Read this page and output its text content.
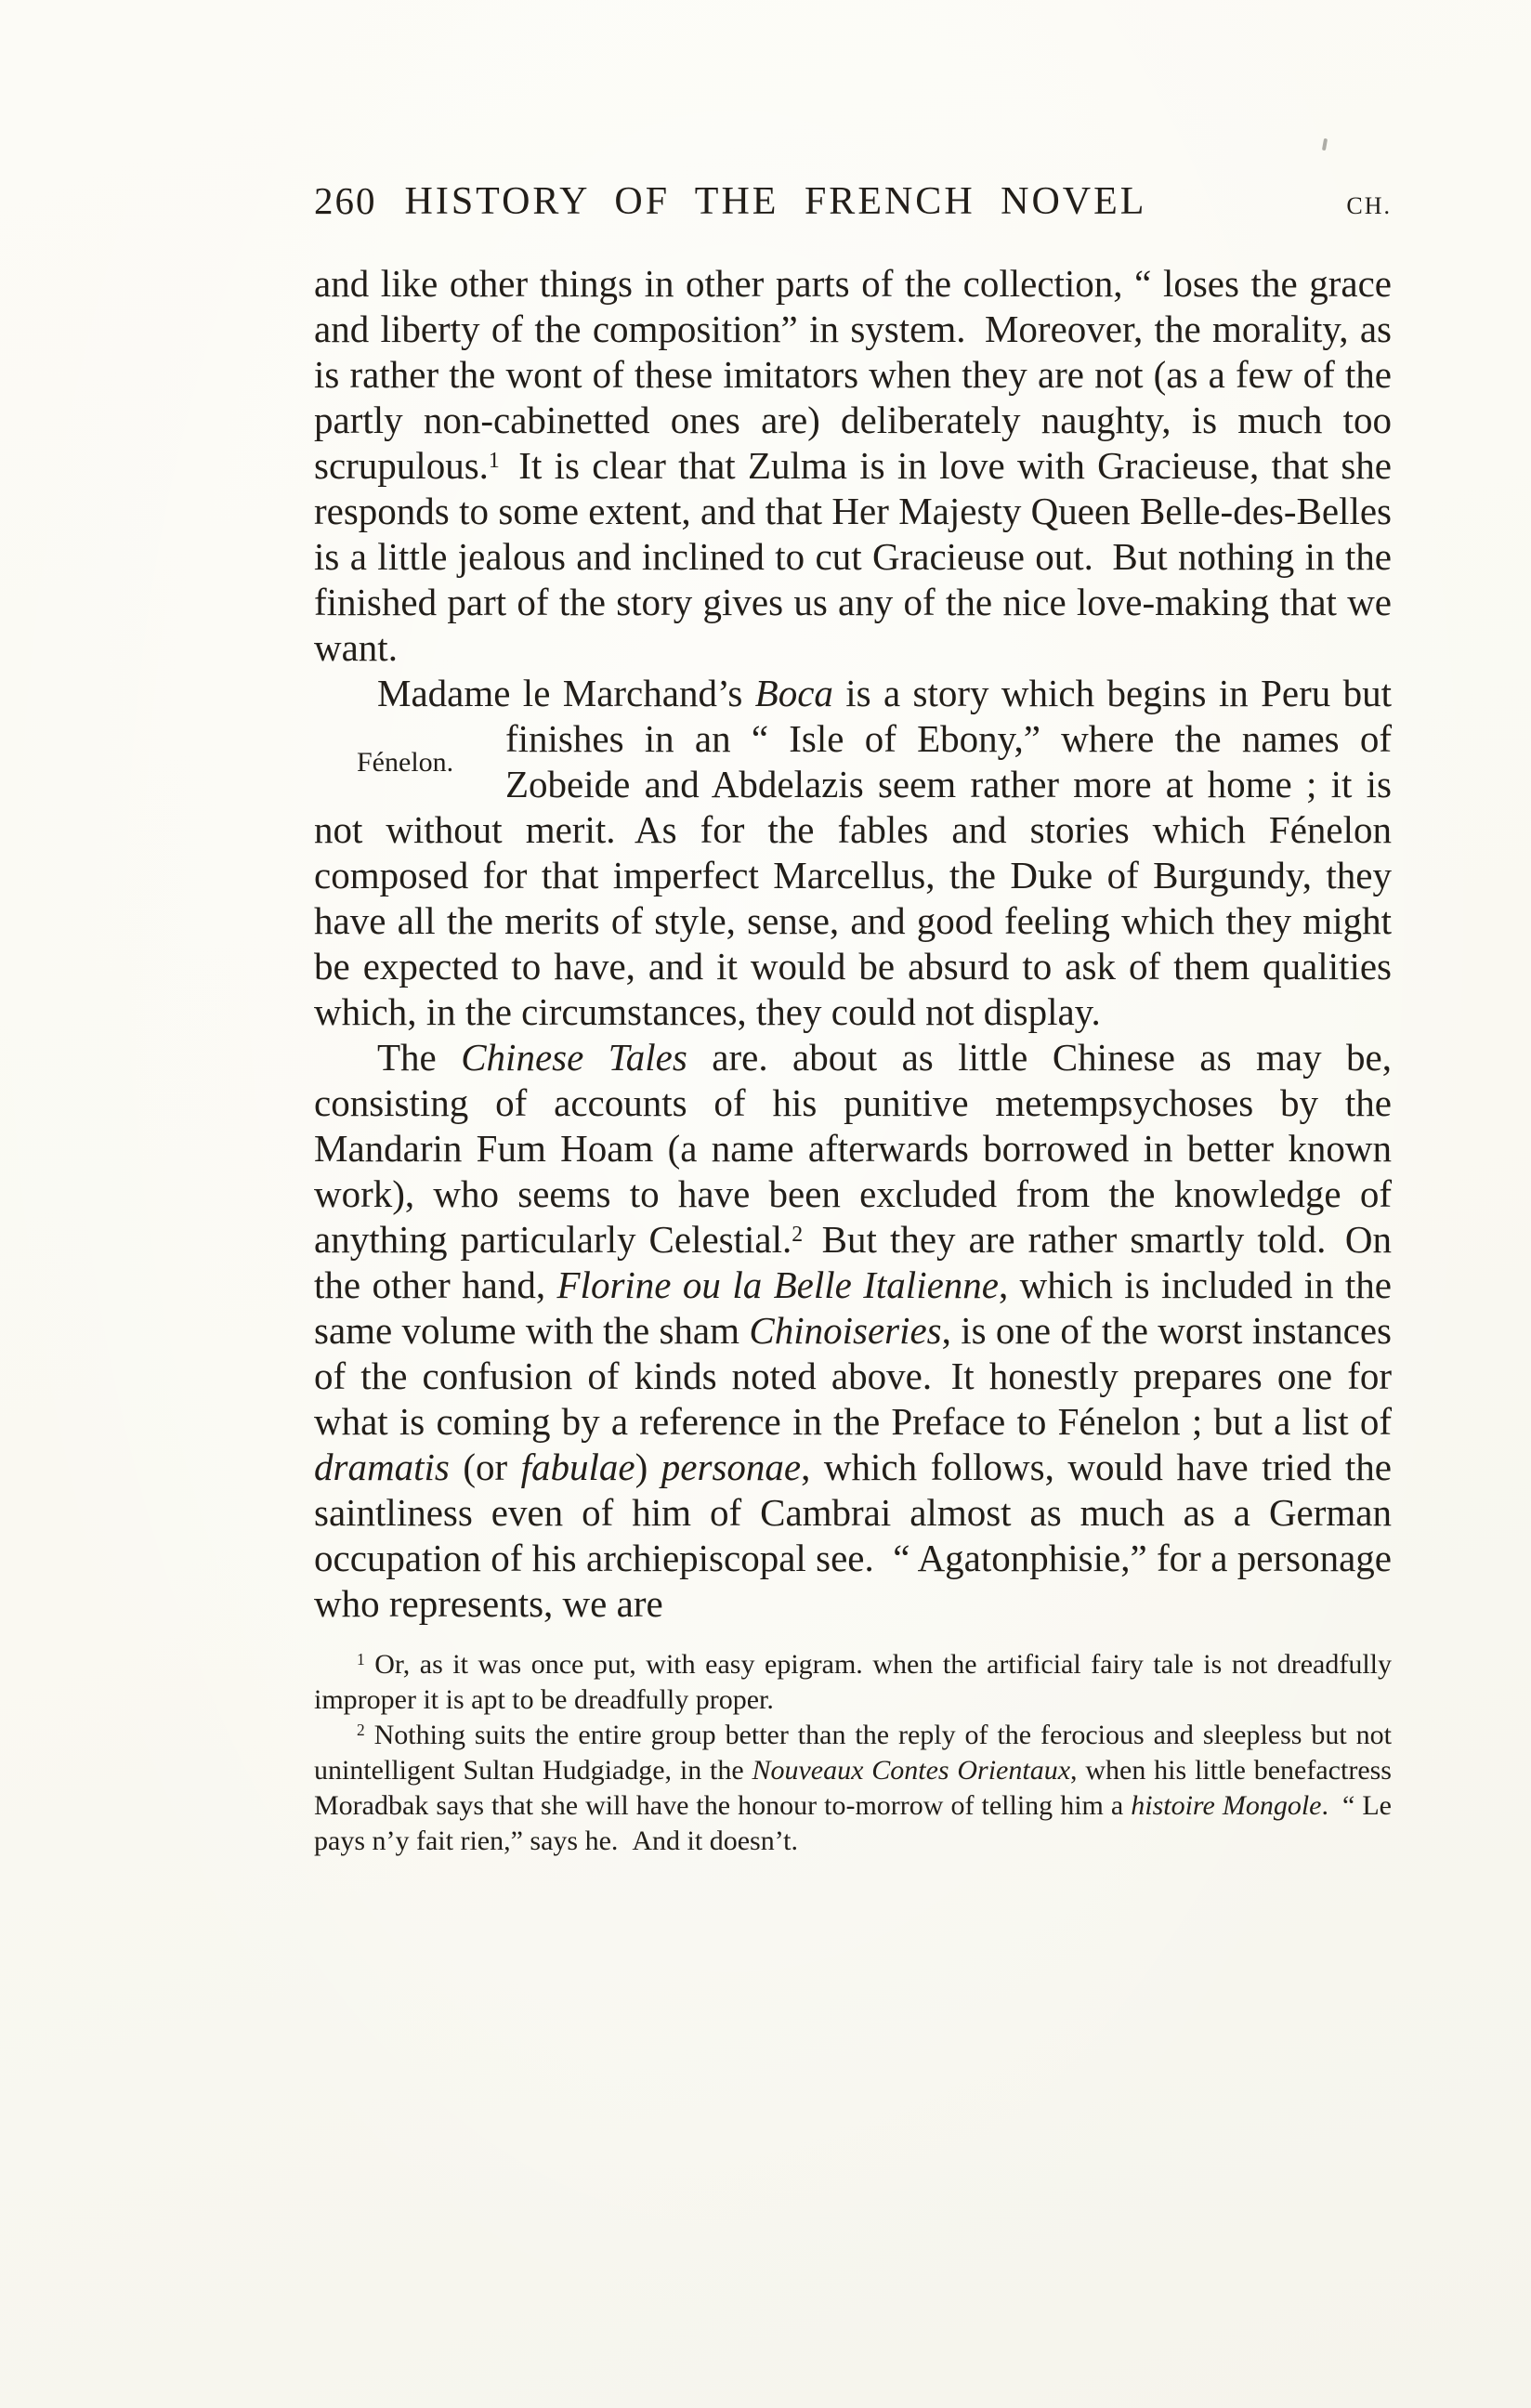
260 HISTORY OF THE FRENCH NOVEL	CH.

and like other things in other parts of the collection, “ loses the grace and liberty of the composition” in system. Moreover, the morality, as is rather the wont of these imitators when they are not (as a few of the partly non-cabinetted ones are) deliberately naughty, is much too scrupulous.$^1$ It is clear that Zulma is in love with Gracieuse, that she responds to some extent, and that Her Majesty Queen Belle-des-Belles is a little jealous and inclined to cut Gracieuse out. But nothing in the finished part of the story gives us any of the nice love-making that we want.

Madame le Marchand’s Boca is a story which begins in Peru but finishes in an “ Isle of Ebony,” where the
Fénelon.
names of Zobeide and Abdelazis seem rather more at home ; it is not without merit. As for the fables and stories which Fénelon composed for that imperfect Marcellus, the Duke of Burgundy, they have all the merits of style, sense, and good feeling which they might be expected to have, and it would be absurd to ask of them qualities which, in the circumstances, they could not display.

The Chinese Tales are. about as little Chinese as may be, consisting of accounts of his punitive metempsychoses by the Mandarin Fum Hoam (a name afterwards borrowed in better known work), who seems to have been excluded from the knowledge of anything particularly Celestial.$^2$ But they are rather smartly told. On the other hand, Florine ou la Belle Italienne, which is included in the same volume with the sham Chinoiseries, is one of the worst instances of the confusion of kinds noted above. It honestly prepares one for what is coming by a reference in the Preface to Fénelon ; but a list of dramatis (or fabulae) personae, which follows, would have tried the saintliness even of him of Cambrai almost as much as a German occupation of his archiepiscopal see. “ Agatonphisie,” for a personage who represents, we are

$^1$ Or, as it was once put, with easy epigram. when the artificial fairy tale is not dreadfully improper it is apt to be dreadfully proper.

$^2$ Nothing suits the entire group better than the reply of the ferocious and sleepless but not unintelligent Sultan Hudgiadge, in the Nouveaux Contes Orientaux, when his little benefactress Moradbak says that she will have the honour to-morrow of telling him a histoire Mongole. “ Le pays n’y fait rien,” says he. And it doesn’t.
